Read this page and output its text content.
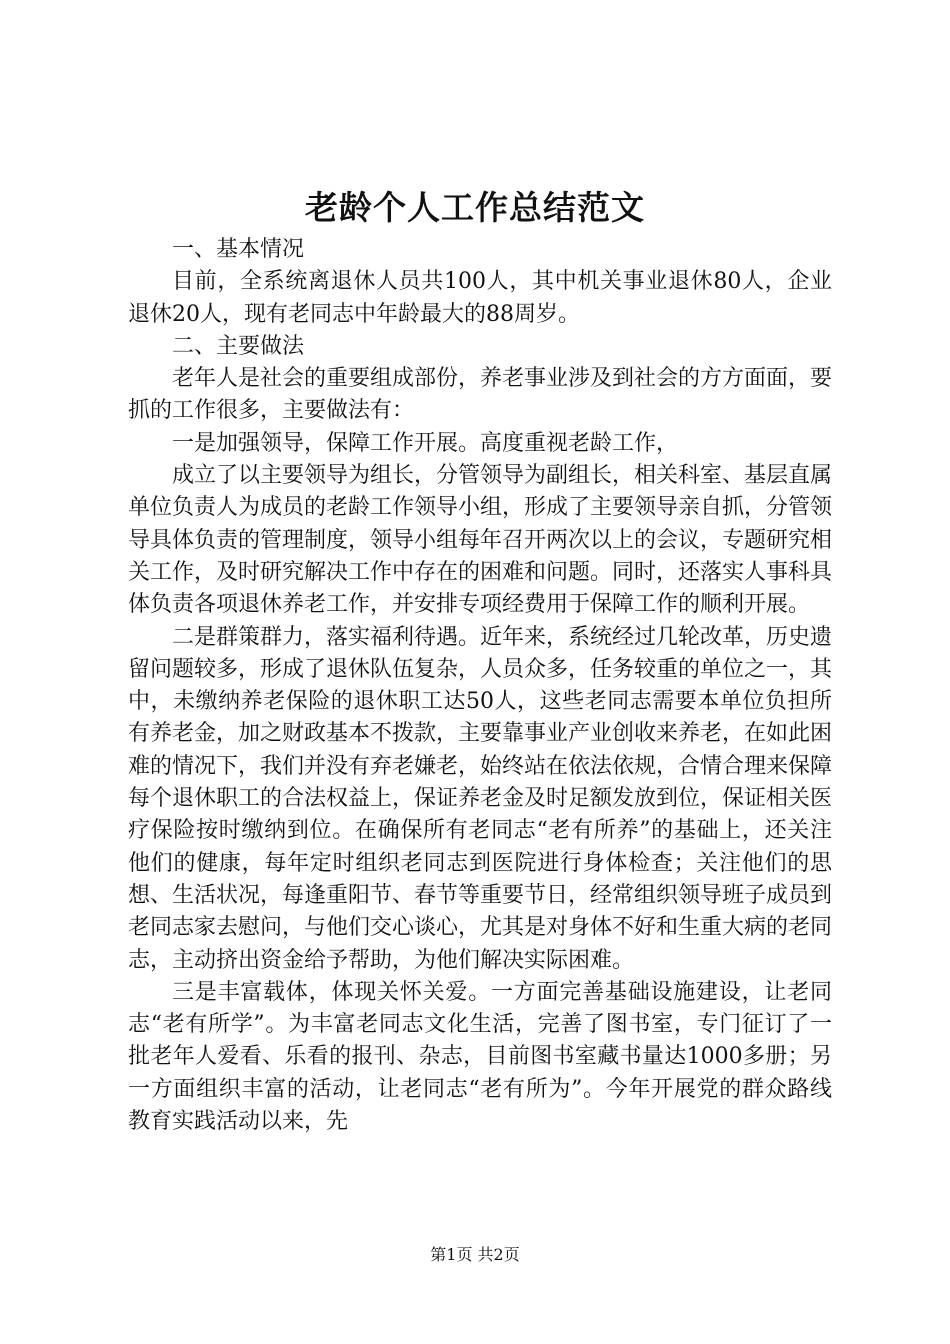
老龄个人工作总结范文

一、基本情况

目前，全系统离退休人员共100人，其中机关事业退休80人，企业退休20人，现有老同志中年龄最大的88周岁。

二、主要做法

老年人是社会的重要组成部份，养老事业涉及到社会的方方面面，要抓的工作很多，主要做法有：

一是加强领导，保障工作开展。高度重视老龄工作，

成立了以主要领导为组长，分管领导为副组长，相关科室、基层直属单位负责人为成员的老龄工作领导小组，形成了主要领导亲自抓，分管领导具体负责的管理制度，领导小组每年召开两次以上的会议，专题研究相关工作，及时研究解决工作中存在的困难和问题。同时，还落实人事科具体负责各项退休养老工作，并安排专项经费用于保障工作的顺利开展。

二是群策群力，落实福利待遇。近年来，系统经过几轮改革，历史遗留问题较多，形成了退休队伍复杂，人员众多，任务较重的单位之一，其中，未缴纳养老保险的退休职工达50人，这些老同志需要本单位负担所有养老金，加之财政基本不拨款，主要靠事业产业创收来养老，在如此困难的情况下，我们并没有弃老嫌老，始终站在依法依规，合情合理来保障每个退休职工的合法权益上，保证养老金及时足额发放到位，保证相关医疗保险按时缴纳到位。在确保所有老同志“老有所养”的基础上，还关注他们的健康，每年定时组织老同志到医院进行身体检查；关注他们的思想、生活状况，每逢重阳节、春节等重要节日，经常组织领导班子成员到老同志家去慰问，与他们交心谈心，尤其是对身体不好和生重大病的老同志，主动挤出资金给予帮助，为他们解决实际困难。

三是丰富载体，体现关怀关爱。一方面完善基础设施建设，让老同志“老有所学”。为丰富老同志文化生活，完善了图书室，专门征订了一批老年人爱看、乐看的报刊、杂志，目前图书室藏书量达1000多册；另一方面组织丰富的活动，让老同志“老有所为”。今年开展党的群众路线教育实践活动以来，先

第1页 共2页
